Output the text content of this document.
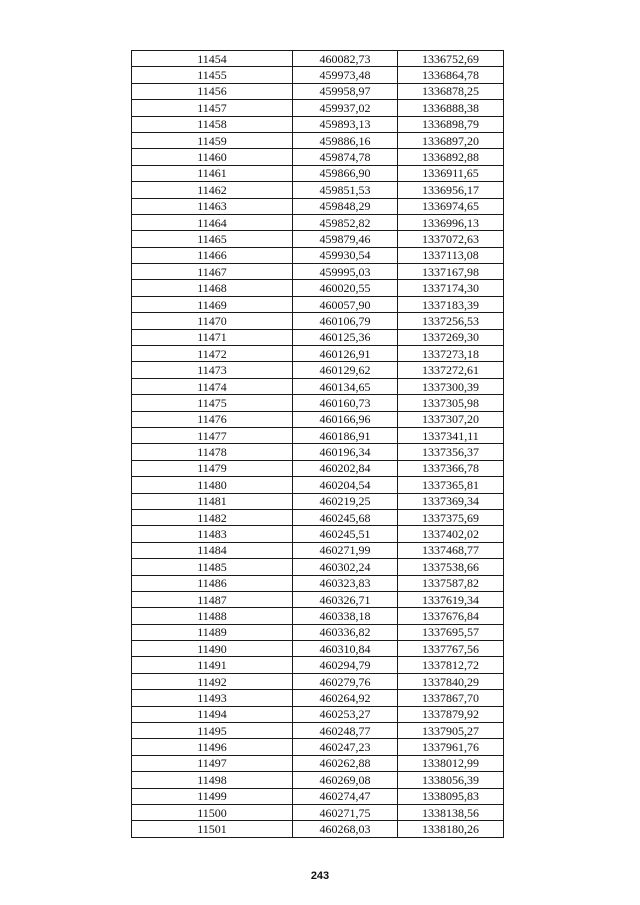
11454	460082,73	1336752,69
11455	459973,48	1336864,78
11456	459958,97	1336878,25
11457	459937,02	1336888,38
11458	459893,13	1336898,79
11459	459886,16	1336897,20
11460	459874,78	1336892,88
11461	459866,90	1336911,65
11462	459851,53	1336956,17
11463	459848,29	1336974,65
11464	459852,82	1336996,13
11465	459879,46	1337072,63
11466	459930,54	1337113,08
11467	459995,03	1337167,98
11468	460020,55	1337174,30
11469	460057,90	1337183,39
11470	460106,79	1337256,53
11471	460125,36	1337269,30
11472	460126,91	1337273,18
11473	460129,62	1337272,61
11474	460134,65	1337300,39
11475	460160,73	1337305,98
11476	460166,96	1337307,20
11477	460186,91	1337341,11
11478	460196,34	1337356,37
11479	460202,84	1337366,78
11480	460204,54	1337365,81
11481	460219,25	1337369,34
11482	460245,68	1337375,69
11483	460245,51	1337402,02
11484	460271,99	1337468,77
11485	460302,24	1337538,66
11486	460323,83	1337587,82
11487	460326,71	1337619,34
11488	460338,18	1337676,84
11489	460336,82	1337695,57
11490	460310,84	1337767,56
11491	460294,79	1337812,72
11492	460279,76	1337840,29
11493	460264,92	1337867,70
11494	460253,27	1337879,92
11495	460248,77	1337905,27
11496	460247,23	1337961,76
11497	460262,88	1338012,99
11498	460269,08	1338056,39
11499	460274,47	1338095,83
11500	460271,75	1338138,56
11501	460268,03	1338180,26
243
